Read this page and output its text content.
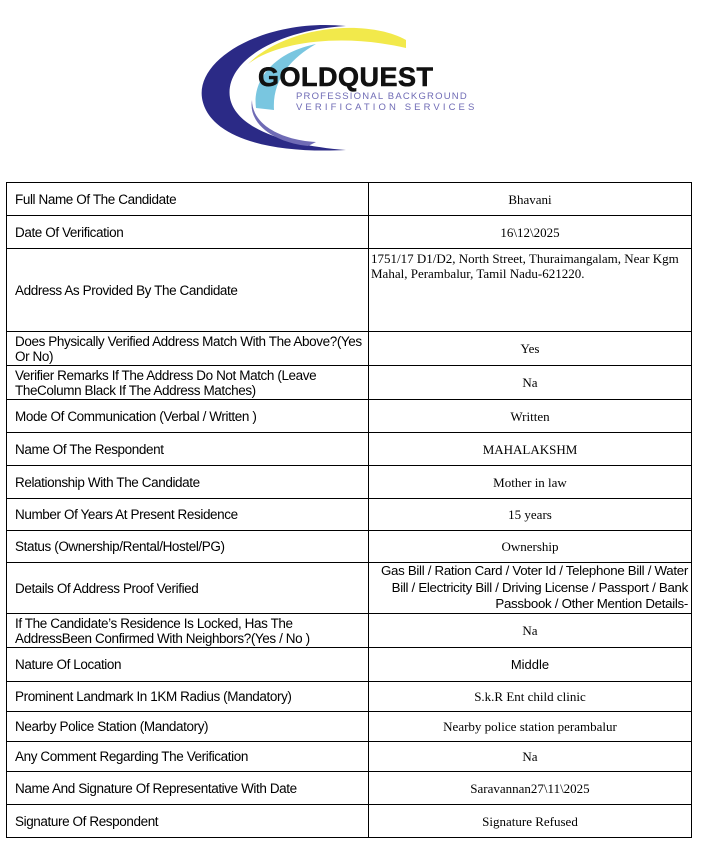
GOLDQUEST
PROFESSIONAL BACKGROUND
VERIFICATION SERVICES
Full Name Of The Candidate	Bhavani
Date Of Verification	16\12\2025
Address As Provided By The Candidate	1751/17 D1/D2, North Street, Thuraimangalam, Near Kgm Mahal, Perambalur, Tamil Nadu-621220.
Does Physically Verified Address Match With The Above?(Yes Or No)	Yes
Verifier Remarks If The Address Do Not Match (Leave TheColumn Black If The Address Matches)	Na
Mode Of Communication (Verbal / Written )	Written
Name Of The Respondent	MAHALAKSHM
Relationship With The Candidate	Mother in law
Number Of Years At Present Residence	15 years
Status (Ownership/Rental/Hostel/PG)	Ownership
Details Of Address Proof Verified	Gas Bill / Ration Card / Voter Id / Telephone Bill / Water Bill / Electricity Bill / Driving License / Passport / Bank Passbook / Other Mention Details-
If The Candidate’s Residence Is Locked, Has The AddressBeen Confirmed With Neighbors?(Yes / No )	Na
Nature Of Location	Middle
Prominent Landmark In 1KM Radius (Mandatory)	S.k.R Ent child clinic
Nearby Police Station (Mandatory)	Nearby police station perambalur
Any Comment Regarding The Verification	Na
Name And Signature Of Representative With Date	Saravannan27\11\2025
Signature Of Respondent	Signature Refused
